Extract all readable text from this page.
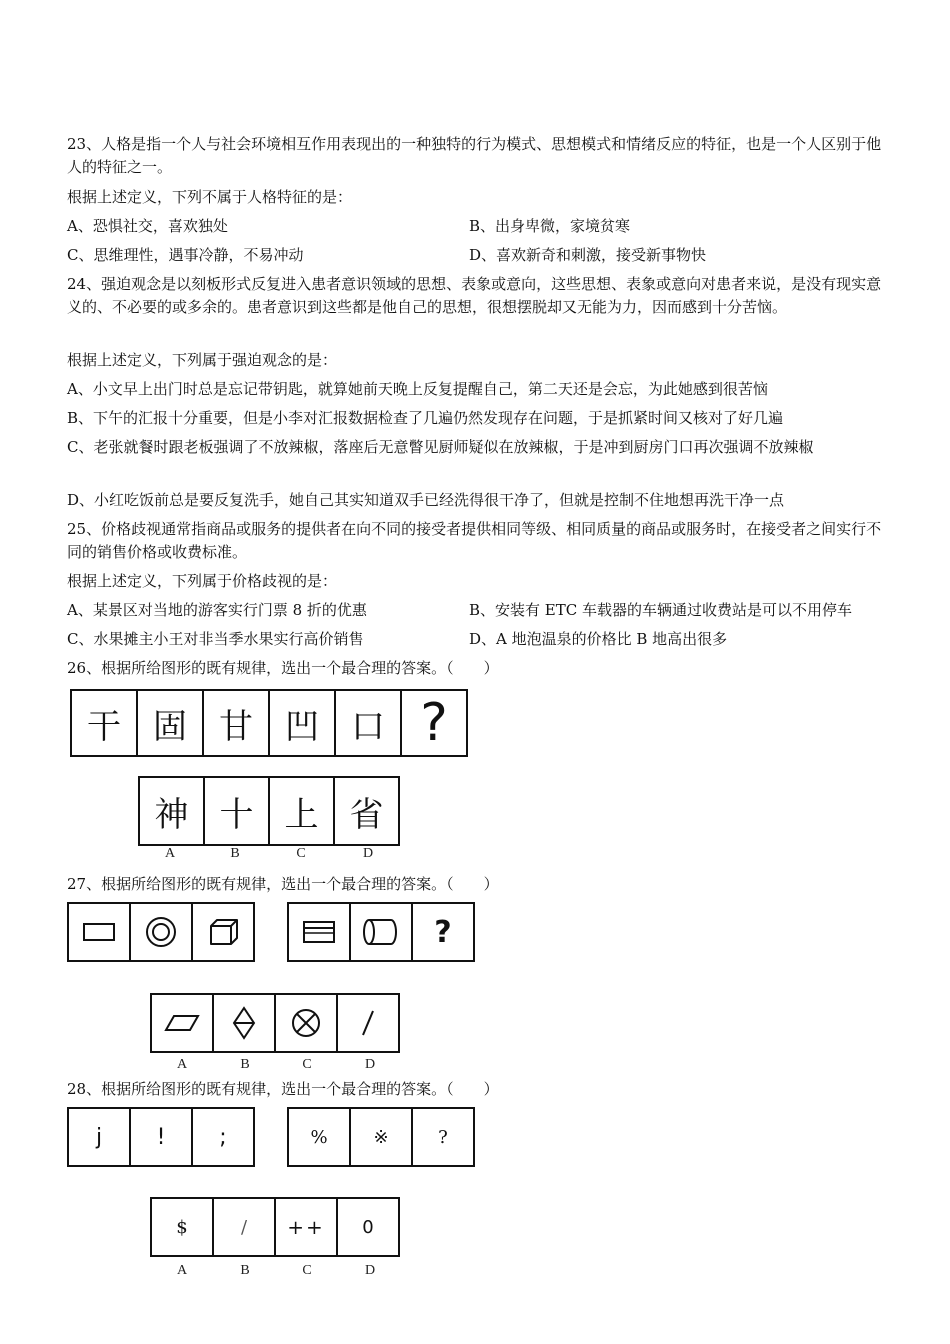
23、人格是指一个人与社会环境相互作用表现出的一种独特的行为模式、思想模式和情绪反应的特征，也是一个人区别于他人的特征之一。
根据上述定义，下列不属于人格特征的是：
A、恐惧社交，喜欢独处	B、出身卑微，家境贫寒
C、思维理性，遇事冷静，不易冲动	D、喜欢新奇和刺激，接受新事物快
24、强迫观念是以刻板形式反复进入患者意识领域的思想、表象或意向，这些思想、表象或意向对患者来说，是没有现实意义的、不必要的或多余的。患者意识到这些都是他自己的思想，很想摆脱却又无能为力，因而感到十分苦恼。
根据上述定义，下列属于强迫观念的是：
A、小文早上出门时总是忘记带钥匙，就算她前天晚上反复提醒自己，第二天还是会忘，为此她感到很苦恼
B、下午的汇报十分重要，但是小李对汇报数据检查了几遍仍然发现存在问题，于是抓紧时间又核对了好几遍
C、老张就餐时跟老板强调了不放辣椒，落座后无意瞥见厨师疑似在放辣椒，于是冲到厨房门口再次强调不放辣椒
D、小红吃饭前总是要反复洗手，她自己其实知道双手已经洗得很干净了，但就是控制不住地想再洗干净一点
25、价格歧视通常指商品或服务的提供者在向不同的接受者提供相同等级、相同质量的商品或服务时，在接受者之间实行不同的销售价格或收费标准。
根据上述定义，下列属于价格歧视的是：
A、某景区对当地的游客实行门票 8 折的优惠	B、安装有 ETC 车载器的车辆通过收费站是可以不用停车
C、水果摊主小王对非当季水果实行高价销售	D、A 地泡温泉的价格比 B 地高出很多
26、根据所给图形的既有规律，选出一个最合理的答案。（　　）
干 固 甘 凹 口 ?
神 十 上 省
A	B	C	D
27、根据所给图形的既有规律，选出一个最合理的答案。（　　）
?
A	B	C	D
28、根据所给图形的既有规律，选出一个最合理的答案。（　　）
j	!	;	%	※	?
$	/	++	0
A	B	C	D
